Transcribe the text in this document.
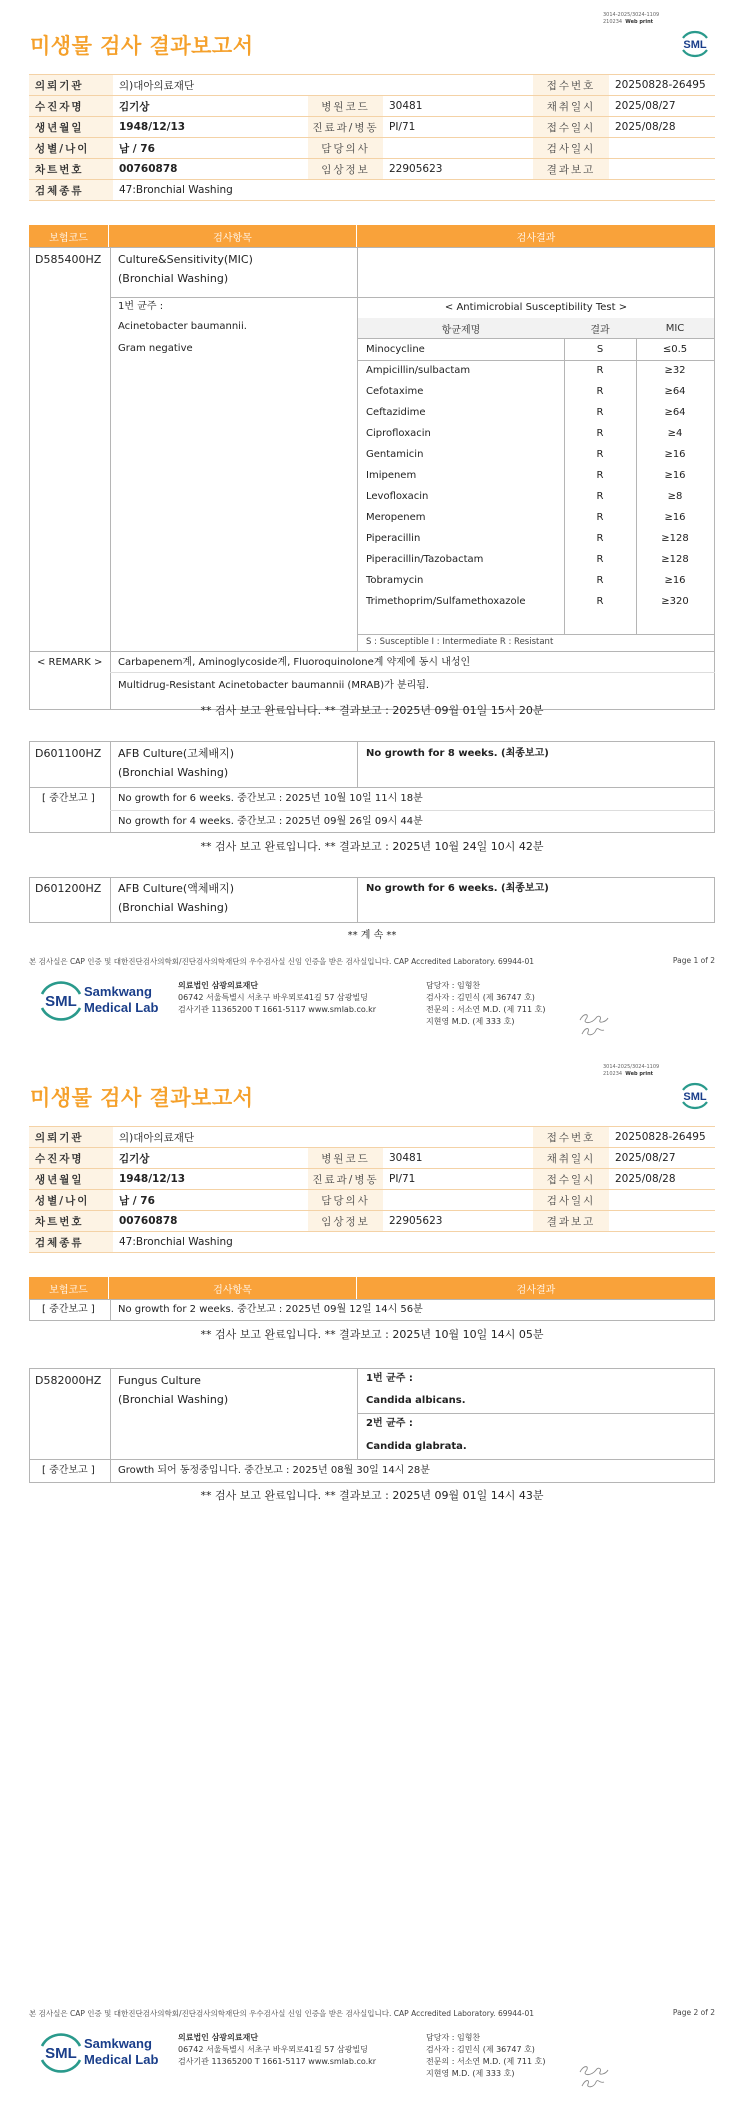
3014-2025/3024-1109
210234 Web print
SML
미생물 검사 결과보고서
의뢰기관	의)대아의료재단			접수번호	20250828-26495
수진자명	김기상	병원코드	30481	채취일시	2025/08/27
생년월일	1948/12/13	진료과/병동	PI/71	접수일시	2025/08/28
성별/나이	남 / 76	담당의사		검사일시	
차트번호	00760878	임상정보	22905623	결과보고	
검체종류	47:Bronchial Washing				
보험코드	검사항목	검사결과
D585400HZ Culture&Sensitivity(MIC)
(Bronchial Washing)
1번 균주 :
Acinetobacter baumannii.
Gram negative
< Antimicrobial Susceptibility Test >
항균제명	결과	MIC
Minocycline	S	≤0.5
Ampicillin/sulbactam	R	≥32
Cefotaxime	R	≥64
Ceftazidime	R	≥64
Ciprofloxacin	R	≥4
Gentamicin	R	≥16
Imipenem	R	≥16
Levofloxacin	R	≥8
Meropenem	R	≥16
Piperacillin	R	≥128
Piperacillin/Tazobactam	R	≥128
Tobramycin	R	≥16
Trimethoprim/Sulfamethoxazole	R	≥320
S : Susceptible I : Intermediate R : Resistant
< REMARK > Carbapenem계, Aminoglycoside계, Fluoroquinolone계 약제에 동시 내성인
Multidrug-Resistant Acinetobacter baumannii (MRAB)가 분리됨.
** 검사 보고 완료입니다. ** 결과보고 : 2025년 09월 01일 15시 20분
D601100HZ AFB Culture(고체배지)
(Bronchial Washing)
No growth for 8 weeks. (최종보고)
[ 중간보고 ] No growth for 6 weeks. 중간보고 : 2025년 10월 10일 11시 18분
No growth for 4 weeks. 중간보고 : 2025년 09월 26일 09시 44분
** 검사 보고 완료입니다. ** 결과보고 : 2025년 10월 24일 10시 42분
D601200HZ AFB Culture(액체배지)
(Bronchial Washing)
No growth for 6 weeks. (최종보고)
** 계 속 **
본 검사실은 CAP 인증 및 대한진단검사의학회/진단검사의학재단의 우수검사실 신임 인증을 받은 검사실입니다. CAP Accredited Laboratory. 69944-01	Page 1 of 2
SML
Samkwang
Medical Lab
의료법인 삼광의료재단
06742 서울특별시 서초구 바우뫼로41길 57 삼광빌딩
검사기관 11365200 T 1661-5117 www.smlab.co.kr
담당자 : 임형찬
검사자 : 김민식 (제 36747 호)
전문의 : 서소연 M.D. (제 711 호)
지현영 M.D. (제 333 호)
3014-2025/3024-1109
210234 Web print
SML
미생물 검사 결과보고서
의뢰기관	의)대아의료재단			접수번호	20250828-26495
수진자명	김기상	병원코드	30481	채취일시	2025/08/27
생년월일	1948/12/13	진료과/병동	PI/71	접수일시	2025/08/28
성별/나이	남 / 76	담당의사		검사일시	
차트번호	00760878	임상정보	22905623	결과보고	
검체종류	47:Bronchial Washing				
보험코드	검사항목	검사결과
[ 중간보고 ] No growth for 2 weeks. 중간보고 : 2025년 09월 12일 14시 56분
** 검사 보고 완료입니다. ** 결과보고 : 2025년 10월 10일 14시 05분
D582000HZ Fungus Culture
(Bronchial Washing)
1번 균주 :
Candida albicans.
2번 균주 :
Candida glabrata.
[ 중간보고 ] Growth 되어 동정중입니다. 중간보고 : 2025년 08월 30일 14시 28분
** 검사 보고 완료입니다. ** 결과보고 : 2025년 09월 01일 14시 43분
본 검사실은 CAP 인증 및 대한진단검사의학회/진단검사의학재단의 우수검사실 신임 인증을 받은 검사실입니다. CAP Accredited Laboratory. 69944-01	Page 2 of 2
SML
Samkwang
Medical Lab
의료법인 삼광의료재단
06742 서울특별시 서초구 바우뫼로41길 57 삼광빌딩
검사기관 11365200 T 1661-5117 www.smlab.co.kr
담당자 : 임형찬
검사자 : 김민식 (제 36747 호)
전문의 : 서소연 M.D. (제 711 호)
지현영 M.D. (제 333 호)
